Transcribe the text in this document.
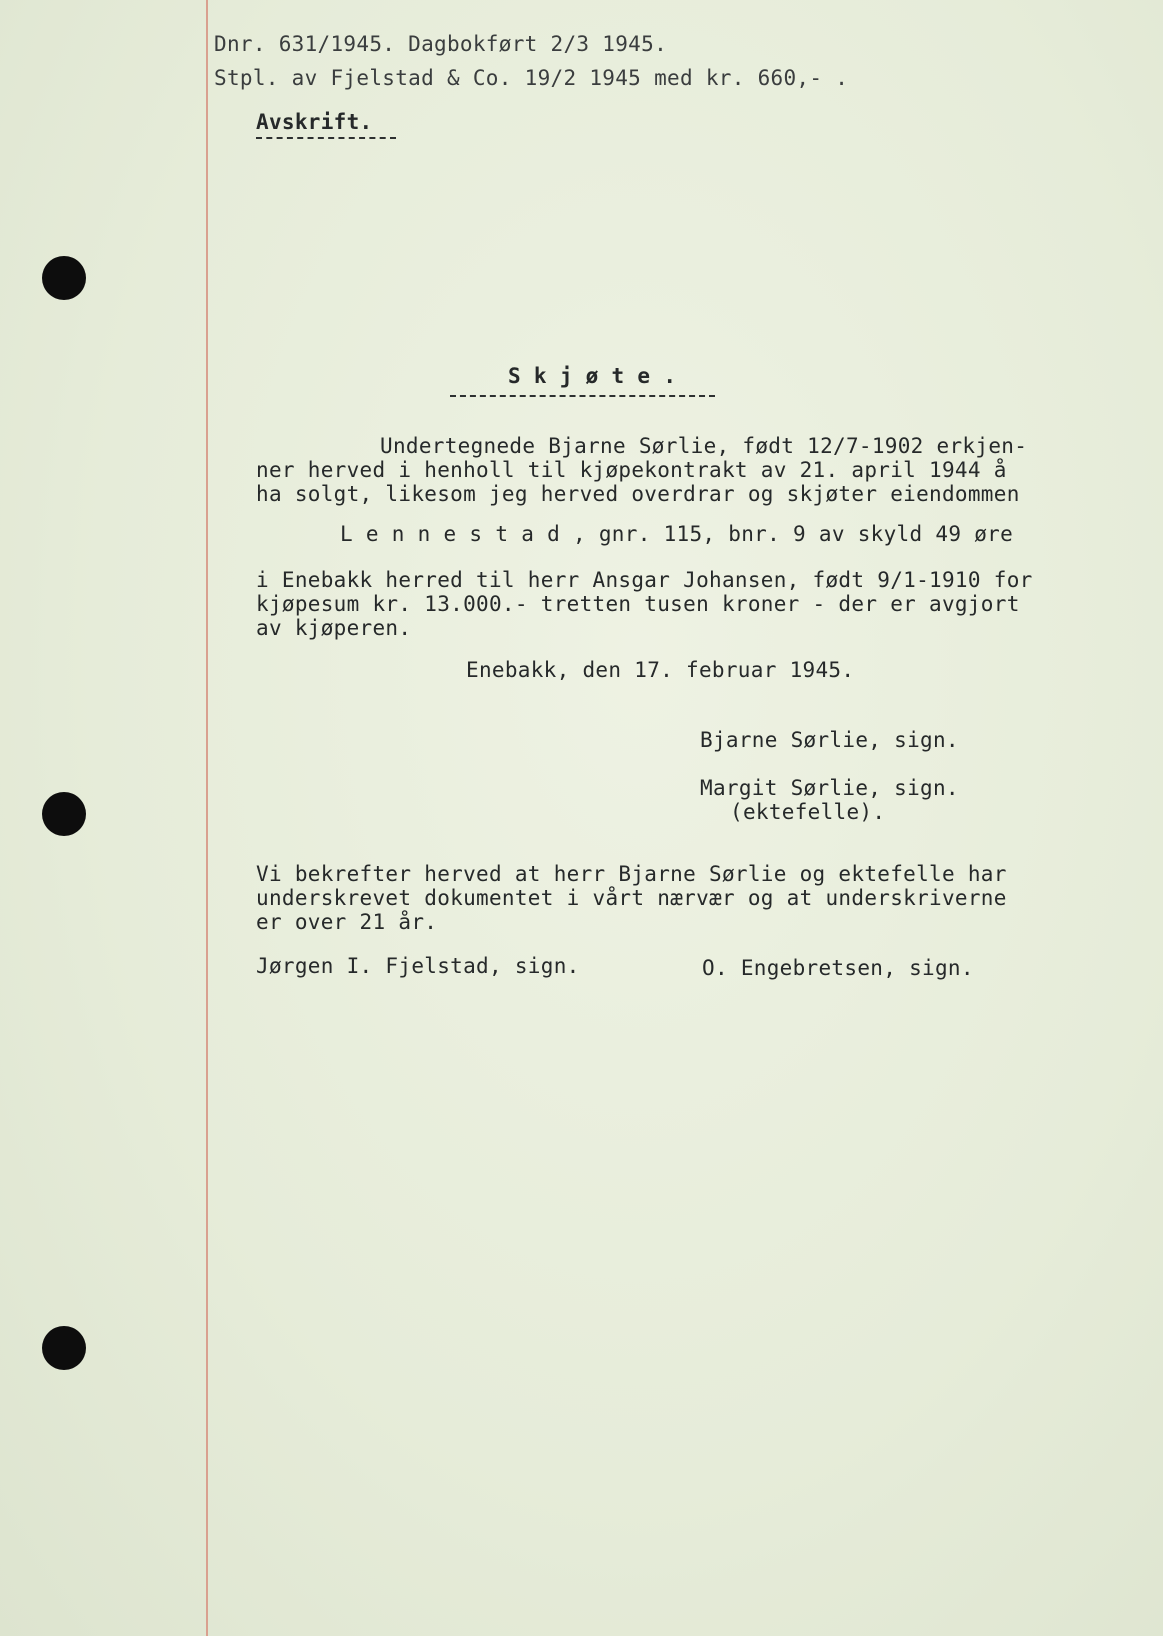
Dnr. 631/1945. Dagbokført 2/3 1945.

Stpl. av Fjelstad & Co. 19/2 1945 med kr. 660,- .

Avskrift.

S k j ø t e .

Undertegnede Bjarne Sørlie, født 12/7-1902 erkjen-

ner herved i henholl til kjøpekontrakt av 21. april 1944 å

ha solgt, likesom jeg herved overdrar og skjøter eiendommen

L e n n e s t a d , gnr. 115, bnr. 9 av skyld 49 øre

i Enebakk herred til herr Ansgar Johansen, født 9/1-1910 for

kjøpesum kr. 13.000.- tretten tusen kroner - der er avgjort

av kjøperen.

Enebakk, den 17. februar 1945.

Bjarne Sørlie, sign.

Margit Sørlie, sign.

(ektefelle).

Vi bekrefter herved at herr Bjarne Sørlie og ektefelle har

underskrevet dokumentet i vårt nærvær og at underskriverne

er over 21 år.

Jørgen I. Fjelstad, sign.	O. Engebretsen, sign.
